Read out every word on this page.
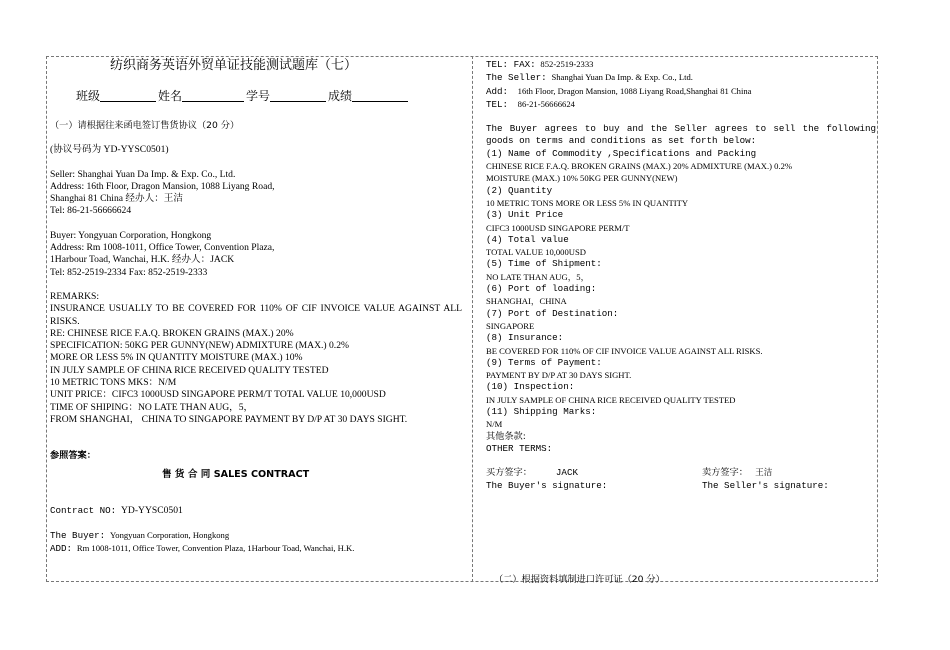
纺织商务英语外贸单证技能测试题库（七）
班级	姓名	学号	成绩
（一）请根据往来函电签订售货协议（20 分）
(协议号码为 YD-YYSC0501)
Seller: Shanghai Yuan Da Imp. & Exp. Co., Ltd.
Address: 16th Floor, Dragon Mansion, 1088 Liyang Road,
Shanghai 81 China 经办人：王洁
Tel: 86-21-56666624
Buyer: Yongyuan Corporation, Hongkong
Address: Rm 1008-1011, Office Tower, Convention Plaza,
1Harbour Toad, Wanchai, H.K. 经办人：JACK
Tel: 852-2519-2334 Fax: 852-2519-2333
REMARKS:
INSURANCE USUALLY TO BE COVERED FOR 110% OF CIF INVOICE VALUE AGAINST ALL RISKS.
RE: CHINESE RICE F.A.Q. BROKEN GRAINS (MAX.) 20%
SPECIFICATION: 50KG PER GUNNY(NEW) ADMIXTURE (MAX.) 0.2%
MORE OR LESS 5% IN QUANTITY MOISTURE (MAX.) 10%
IN JULY SAMPLE OF CHINA RICE RECEIVED QUALITY TESTED
10 METRIC TONS MKS：N/M
UNIT PRICE：CIFC3 1000USD SINGAPORE PERM/T TOTAL VALUE 10,000USD
TIME OF SHIPING：NO LATE THAN AUG，5，
FROM SHANGHAI， CHINA TO SINGAPORE PAYMENT BY D/P AT 30 DAYS SIGHT.
参照答案：
售 货 合 同 SALES CONTRACT
Contract NO: YD-YYSC0501
The Buyer: Yongyuan Corporation, Hongkong
ADD: Rm 1008-1011, Office Tower, Convention Plaza, 1Harbour Toad, Wanchai, H.K.
TEL: FAX: 852-2519-2333
The Seller: Shanghai Yuan Da Imp. & Exp. Co., Ltd.
Add: 16th Floor, Dragon Mansion, 1088 Liyang Road,Shanghai 81 China
TEL: 86-21-56666624
The Buyer agrees to buy and the Seller agrees to sell the following goods on terms and conditions as set forth below:
(1) Name of Commodity ,Specifications and Packing
CHINESE RICE F.A.Q. BROKEN GRAINS (MAX.) 20% ADMIXTURE (MAX.) 0.2%
MOISTURE (MAX.) 10% 50KG PER GUNNY(NEW)
(2) Quantity
10 METRIC TONS MORE OR LESS 5% IN QUANTITY
(3) Unit Price
CIFC3 1000USD SINGAPORE PERM/T
(4) Total value
TOTAL VALUE 10,000USD
(5) Time of Shipment:
NO LATE THAN AUG，5，
(6) Port of loading:
SHANGHAI，CHINA
(7) Port of Destination:
SINGAPORE
(8) Insurance:
BE COVERED FOR 110% OF CIF INVOICE VALUE AGAINST ALL RISKS.
(9) Terms of Payment:
PAYMENT BY D/P AT 30 DAYS SIGHT.
(10) Inspection:
IN JULY SAMPLE OF CHINA RICE RECEIVED QUALITY TESTED
(11) Shipping Marks:
N/M
其他条款:
OTHER TERMS:
买方签字：	JACK	卖方签字： 王洁
The Buyer's signature:	The Seller's signature:
（二）根据资料填制进口许可证（20 分）
